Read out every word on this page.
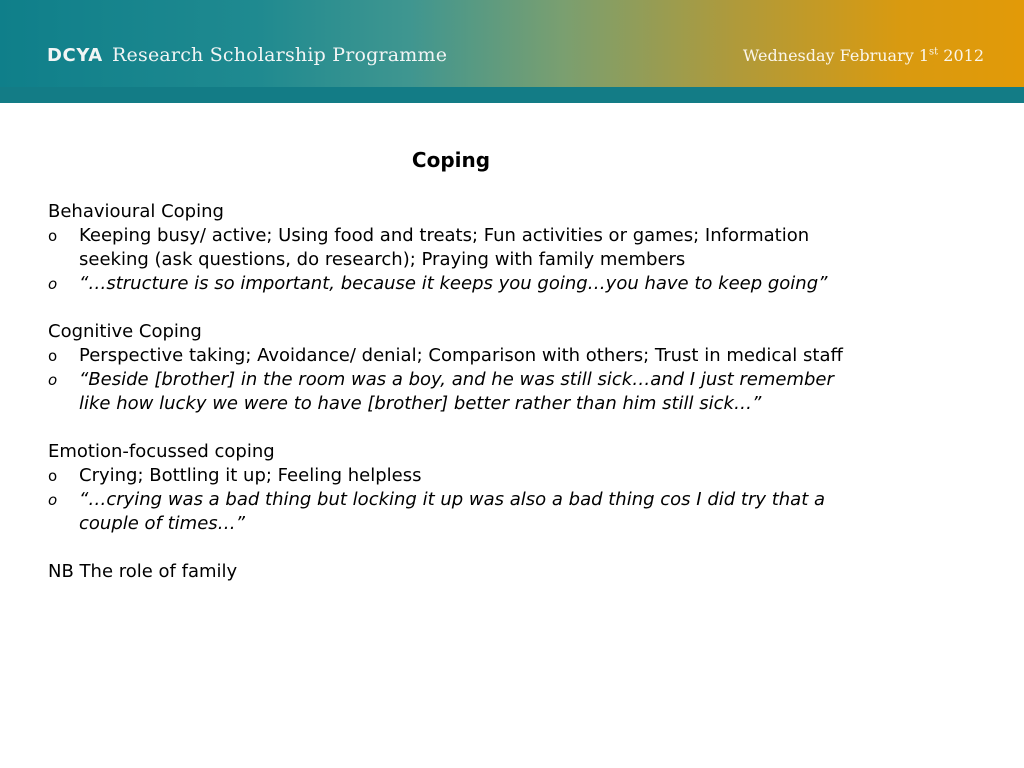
DCYA Research Scholarship Programme	Wednesday February 1st 2012
Coping

Behavioural Coping

o Keeping busy/ active; Using food and treats; Fun activities or games; Information seeking (ask questions, do research); Praying with family members
o “…structure is so important, because it keeps you going…you have to keep going”

Cognitive Coping

o Perspective taking; Avoidance/ denial; Comparison with others; Trust in medical staff
o “Beside [brother] in the room was a boy, and he was still sick…and I just remember like how lucky we were to have [brother] better rather than him still sick…”

Emotion-focussed coping

o Crying; Bottling it up; Feeling helpless
o “…crying was a bad thing but locking it up was also a bad thing cos I did try that a couple of times…”

NB The role of family
